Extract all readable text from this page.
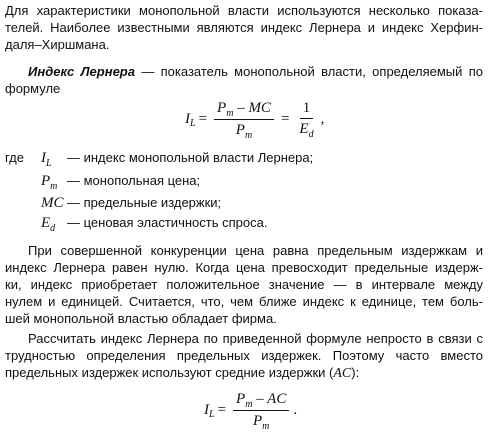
Для характеристики монопольной власти используются несколько показа-
телей. Наиболее известными являются индекс Лернера и индекс Херфин-
даля–Хиршмана.
Индекс Лернера — показатель монопольной власти, определяемый по
формуле
I $L = \frac{P_m - MC}{P_m} = \frac{1}{E_d}$ ,
где $I_L$ — индекс монопольной власти Лернера;
$P_m$ — монопольная цена;
MC — предельные издержки;
$E_d$ — ценовая эластичность спроса.
При совершенной конкуренции цена равна предельным издержкам и
индекс Лернера равен нулю. Когда цена превосходит предельные издерж-
ки, индекс приобретает положительное значение — в интервале между
нулем и единицей. Считается, что, чем ближе индекс к единице, тем боль-
шей монопольной властью обладает фирма.
Рассчитать индекс Лернера по приведенной формуле непросто в связи с
трудностью определения предельных издержек. Поэтому часто вместо
предельных издержек используют средние издержки (AC):
I $L = \frac{P_m - AC}{P_m}$ .
